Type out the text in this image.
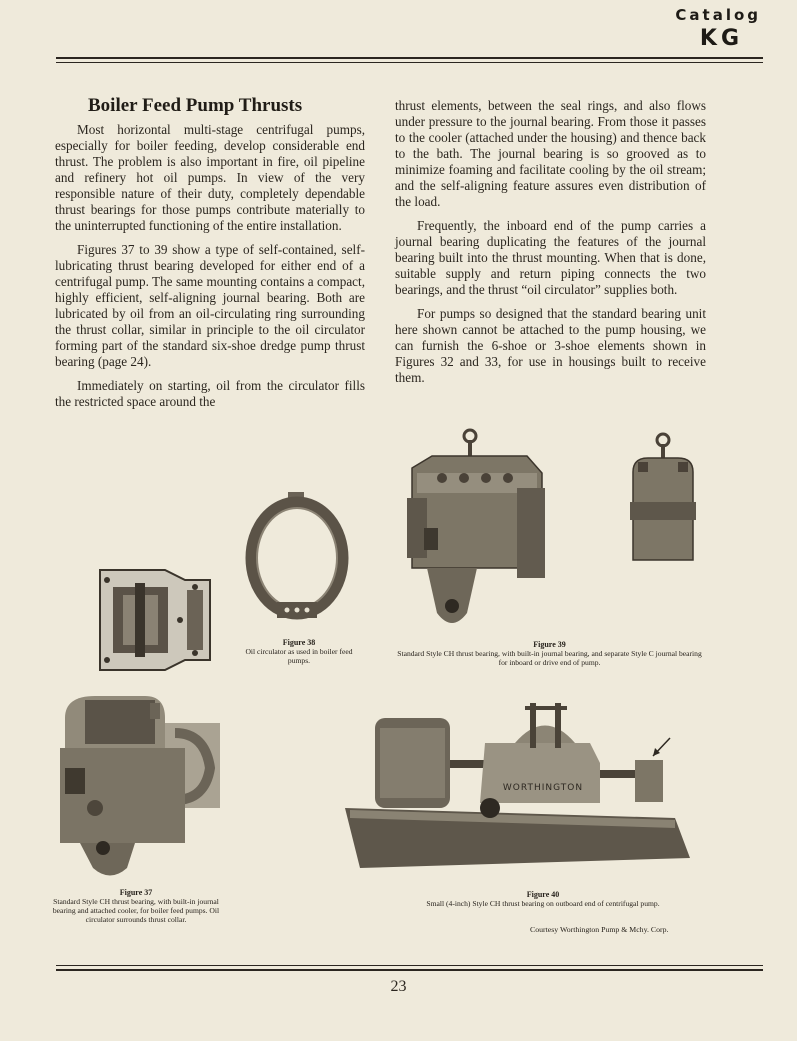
Catalog
KG
Boiler Feed Pump Thrusts

Most horizontal multi-stage centrifugal pumps, especially for boiler feeding, develop considerable end thrust. The problem is also important in fire, oil pipeline and refinery hot oil pumps. In view of the very responsible nature of their duty, completely dependable thrust bearings for those pumps contribute materially to the uninterrupted functioning of the entire installation.

Figures 37 to 39 show a type of self-contained, self-lubricating thrust bearing developed for either end of a centrifugal pump. The same mounting contains a compact, highly efficient, self-aligning journal bearing. Both are lubricated by oil from an oil-circulating ring surrounding the thrust collar, similar in principle to the oil circulator forming part of the standard six-shoe dredge pump thrust bearing (page 24).

Immediately on starting, oil from the circulator fills the restricted space around the

thrust elements, between the seal rings, and also flows under pressure to the journal bearing. From those it passes to the cooler (attached under the housing) and thence back to the bath. The journal bearing is so grooved as to minimize foaming and facilitate cooling by the oil stream; and the self-aligning feature assures even distribution of the load.

Frequently, the inboard end of the pump carries a journal bearing duplicating the features of the journal bearing built into the thrust mounting. When that is done, suitable supply and return piping connects the two bearings, and the thrust “oil circulator” supplies both.

For pumps so designed that the standard bearing unit here shown cannot be attached to the pump housing, we can furnish the 6-shoe or 3-shoe elements shown in Figures 32 and 33, for use in housings built to receive them.

Figure 38
Oil circulator as used in boiler feed pumps.
Figure 39
Standard Style CH thrust bearing, with built-in journal bearing, and separate Style C journal bearing for inboard or drive end of pump.
Figure 37
Standard Style CH thrust bearing, with built-in journal bearing and attached cooler, for boiler feed pumps. Oil circulator surrounds thrust collar.
WORTHINGTON
Figure 40
Small (4-inch) Style CH thrust bearing on outboard end of centrifugal pump.
Courtesy Worthington Pump & Mchy. Corp.
23
